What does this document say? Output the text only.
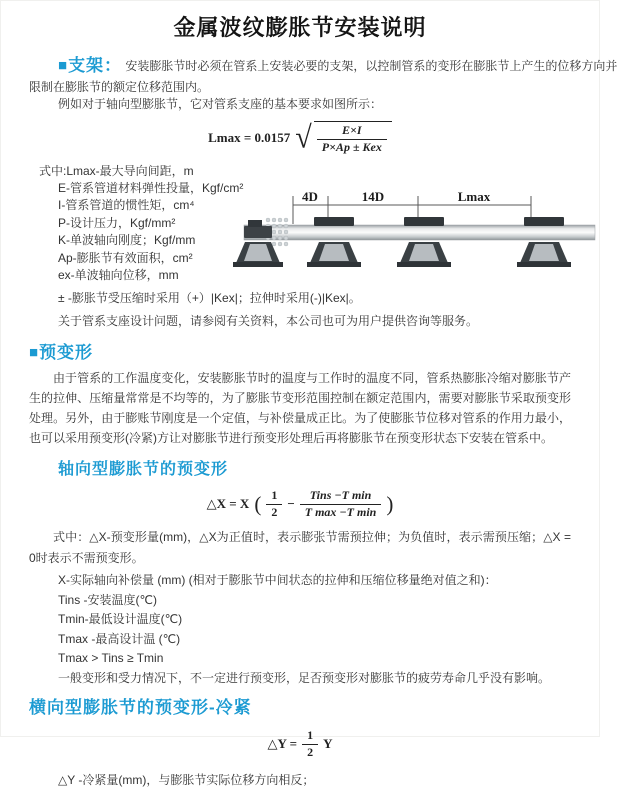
金属波纹膨胀节安装说明
■支架： 安装膨胀节时必须在管系上安装必要的支架，以控制管系的变形在膨胀节上产生的位移方向并
限制在膨胀节的额定位移范围内。
例如对于轴向型膨胀节，它对管系支座的基本要求如图所示：
Lmax = 0.0157 √ $\frac{E\times I}{\text{P×Ap ± Kex}}$
式中:Lmax-最大导向间距，m
E-管系管道材料弹性投量，Kgf/cm²
I-管系管道的惯性矩，cm⁴
P-设计压力，Kgf/mm²
K-单波轴向刚度；Kgf/mm
Ap-膨胀节有效面积，cm²
ex-单波轴向位移，mm
± -膨胀节受压缩时采用（+）|Kex|；拉伸时采用(-)|Kex|。
关于管系支座设计问题，请参阅有关资料，本公司也可为用户提供咨询等服务。
4D	14D	Lmax
■预变形
由于管系的工作温度变化，安装膨胀节时的温度与工作时的温度不同，管系热膨胀冷缩对膨胀节产生的拉伸、压缩量常常是不均等的，为了膨胀节变形范围控制在额定范围内，需要对膨胀节采取预变形处理。另外，由于膨账节刚度是一个定值，与补偿量成正比。为了使膨胀节位移对管系的作用力最小，也可以采用预变形(冷紧)方让对膨胀节进行预变形处理后再将膨胀节在预变形状态下安装在管系中。
轴向型膨胀节的预变形
△X = X ( $\frac{1}{2} - \frac{\text{Tins −T min}}{\text{T max −T min}}$ )
式中：△X-预变形量(mm)，△X为正值时，表示膨张节需预拉伸；为负值时，表示需预压缩；△X = 0时表示不需预变形。
X-实际轴向补偿量 (mm) (相对于膨胀节中间状态的拉伸和压缩位移量绝对值之和)：
Tins -安装温度(℃)
Tmin-最低设计温度(℃)
Tmax -最高设计温 (℃)
Tmax > Tins ≥ Tmin
一般变形和受力情况下，不一定进行预变形，足否预变形对膨胀节的疲劳寿命几乎没有影响。
横向型膨胀节的预变形-冷紧
△Y = $\frac{1}{2}$ Y
△Y -冷紧量(mm)，与膨胀节实际位移方向相反；
